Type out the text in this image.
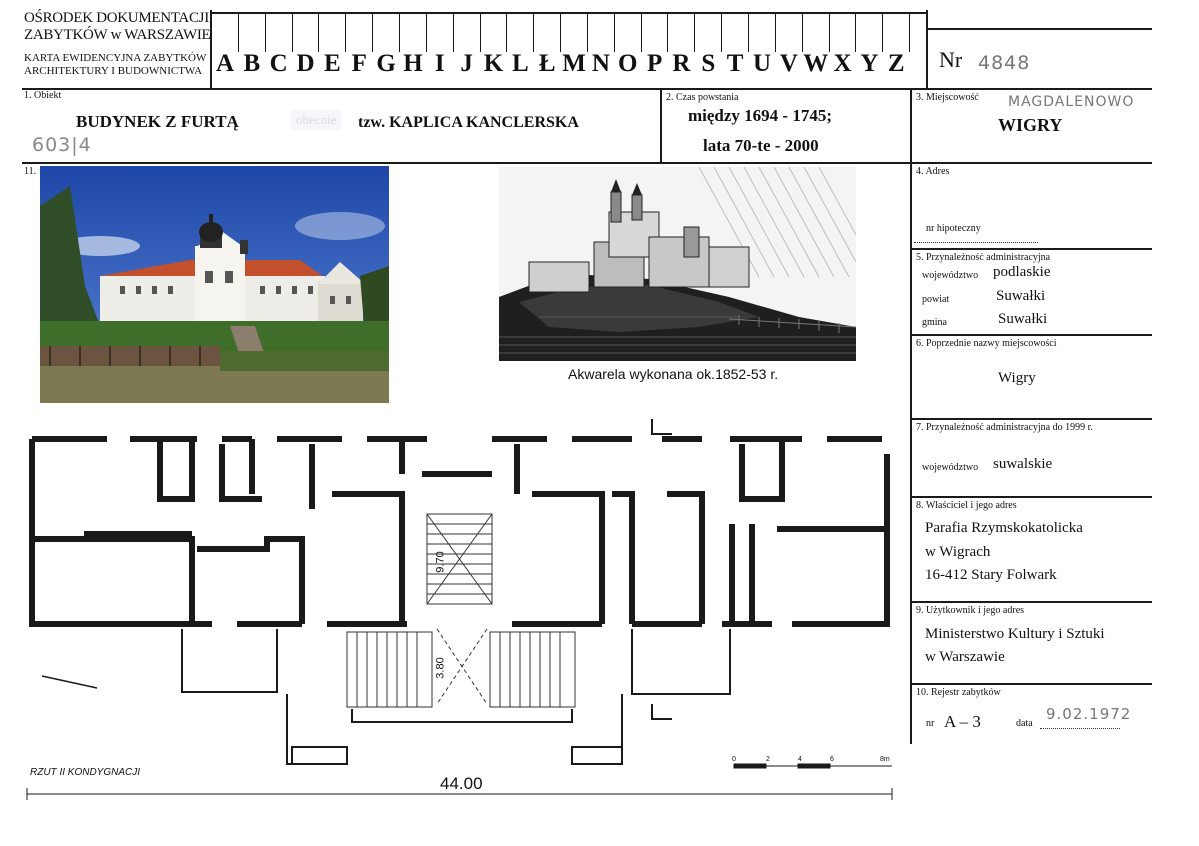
OŚRODEK DOKUMENTACJI
ZABYTKÓW w WARSZAWIE
KARTA EWIDENCYJNA ZABYTKÓW
ARCHITEKTURY I BUDOWNICTWA A B C D E F G H I J K L Ł M N O P R S T U V W X Y Z Nr 4848
1. Obiekt
BUDYNEK Z FURTĄ	obecnie	tzw. KAPLICA KANCLERSKA
603|4
2. Czas powstania
między 1694 - 1745;
lata 70-te - 2000
3. Miejscowość MAGDALENOWO
WIGRY
4. Adres
nr hipoteczny
5. Przynależność administracyjna
województwo podlaskie
powiat	Suwałki
gmina	Suwałki
6. Poprzednie nazwy miejscowości
Wigry
7. Przynależność administracyjna do 1999 r.
województwo suwalskie
8. Właściciel i jego adres
Parafia Rzymskokatolicka
w Wigrach
16-412 Stary Folwark
9. Użytkownik i jego adres
Ministerstwo Kultury i Sztuki
w Warszawie
10. Rejestr zabytków
nr A – 3	data
9.02.1972
11.
Akwarela wykonana ok.1852-53 r.
RZUT II KONDYGNACJI
44.00
9.70
3.80
0	2	4	6	8m
